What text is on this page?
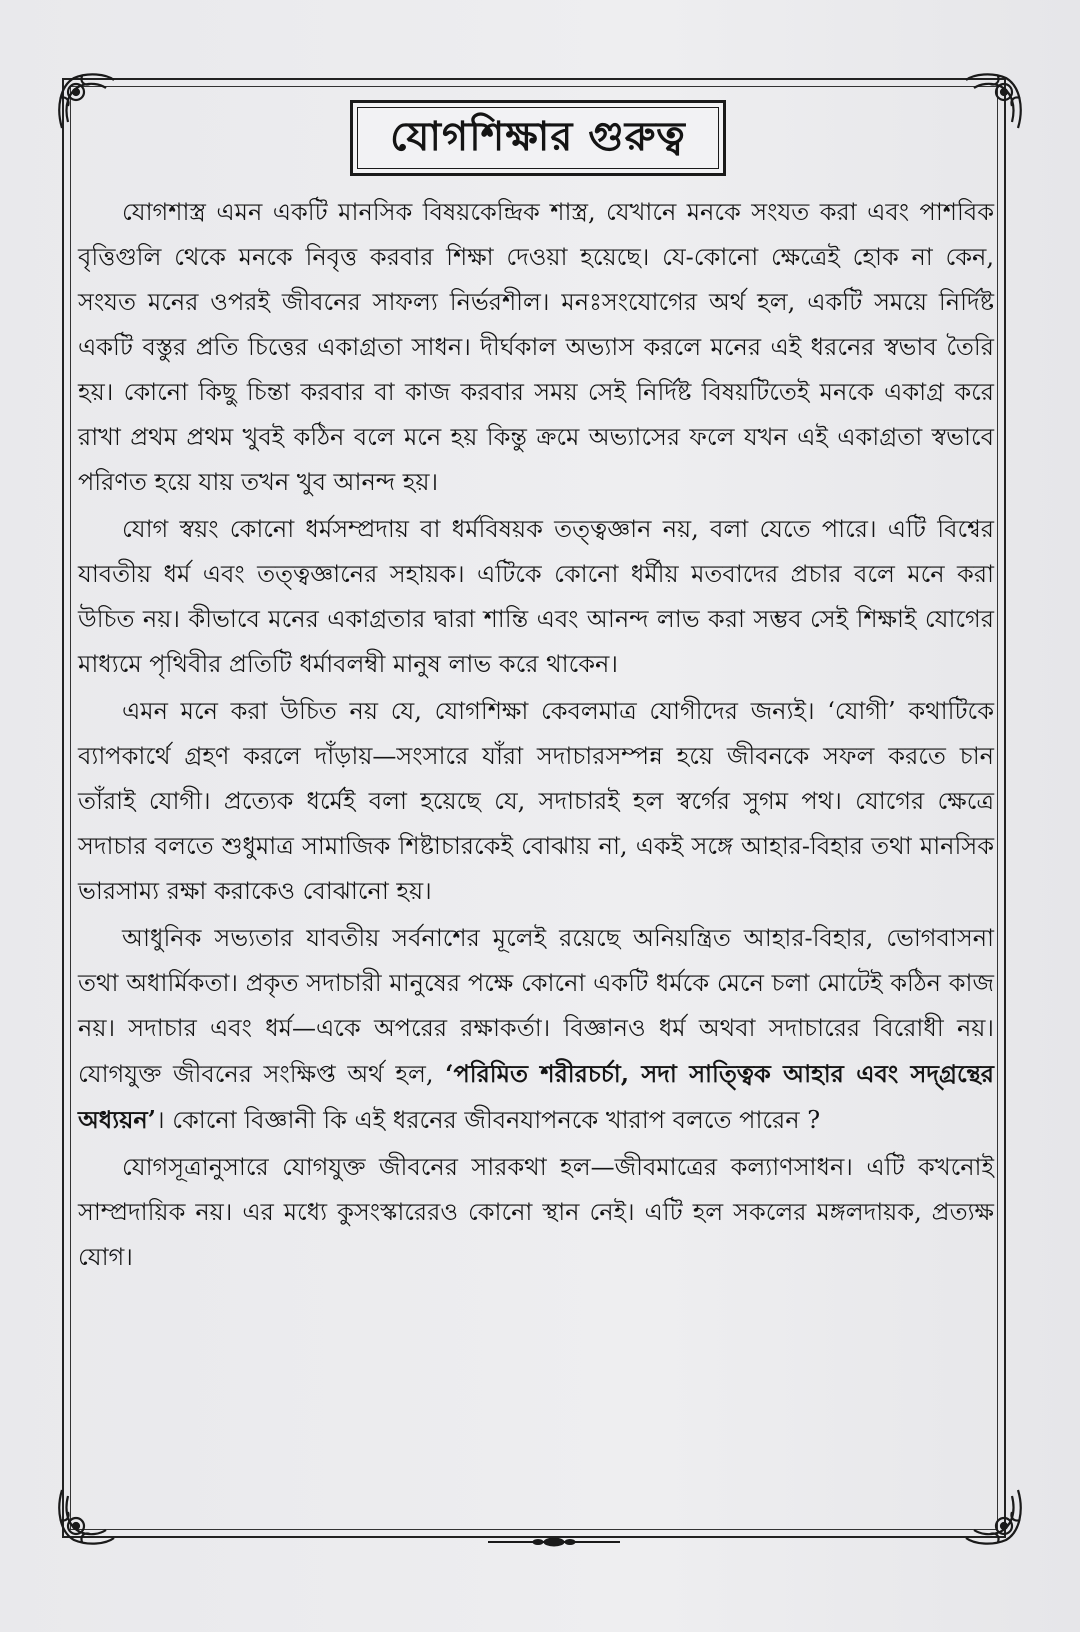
যোগশিক্ষার গুরুত্ব

যোগশাস্ত্র এমন একটি মানসিক বিষয়কেন্দ্রিক শাস্ত্র, যেখানে মনকে সংযত করা এবং পাশবিক বৃত্তিগুলি থেকে মনকে নিবৃত্ত করবার শিক্ষা দেওয়া হয়েছে। যে-কোনো ক্ষেত্রেই হোক না কেন, সংযত মনের ওপরই জীবনের সাফল্য নির্ভরশীল। মনঃসংযোগের অর্থ হল, একটি সময়ে নির্দিষ্ট একটি বস্তুর প্রতি চিত্তের একাগ্রতা সাধন। দীর্ঘকাল অভ্যাস করলে মনের এই ধরনের স্বভাব তৈরি হয়। কোনো কিছু চিন্তা করবার বা কাজ করবার সময় সেই নির্দিষ্ট বিষয়টিতেই মনকে একাগ্র করে রাখা প্রথম প্রথম খুবই কঠিন বলে মনে হয় কিন্তু ক্রমে অভ্যাসের ফলে যখন এই একাগ্রতা স্বভাবে পরিণত হয়ে যায় তখন খুব আনন্দ হয়।

যোগ স্বয়ং কোনো ধর্মসম্প্রদায় বা ধর্মবিষয়ক তত্ত্বজ্ঞান নয়, বলা যেতে পারে। এটি বিশ্বের যাবতীয় ধর্ম এবং তত্ত্বজ্ঞানের সহায়ক। এটিকে কোনো ধর্মীয় মতবাদের প্রচার বলে মনে করা উচিত নয়। কীভাবে মনের একাগ্রতার দ্বারা শান্তি এবং আনন্দ লাভ করা সম্ভব সেই শিক্ষাই যোগের মাধ্যমে পৃথিবীর প্রতিটি ধর্মাবলম্বী মানুষ লাভ করে থাকেন।

এমন মনে করা উচিত নয় যে, যোগশিক্ষা কেবলমাত্র যোগীদের জন্যই। ‘যোগী’ কথাটিকে ব্যাপকার্থে গ্রহণ করলে দাঁড়ায়—সংসারে যাঁরা সদাচারসম্পন্ন হয়ে জীবনকে সফল করতে চান তাঁরাই যোগী। প্রত্যেক ধর্মেই বলা হয়েছে যে, সদাচারই হল স্বর্গের সুগম পথ। যোগের ক্ষেত্রে সদাচার বলতে শুধুমাত্র সামাজিক শিষ্টাচারকেই বোঝায় না, একই সঙ্গে আহার-বিহার তথা মানসিক ভারসাম্য রক্ষা করাকেও বোঝানো হয়।

আধুনিক সভ্যতার যাবতীয় সর্বনাশের মূলেই রয়েছে অনিয়ন্ত্রিত আহার-বিহার, ভোগবাসনা তথা অধার্মিকতা। প্রকৃত সদাচারী মানুষের পক্ষে কোনো একটি ধর্মকে মেনে চলা মোটেই কঠিন কাজ নয়। সদাচার এবং ধর্ম—একে অপরের রক্ষাকর্তা। বিজ্ঞানও ধর্ম অথবা সদাচারের বিরোধী নয়। যোগযুক্ত জীবনের সংক্ষিপ্ত অর্থ হল, ‘পরিমিত শরীরচর্চা, সদা সাত্ত্বিক আহার এবং সদ্‌গ্রন্থের অধ্যয়ন’। কোনো বিজ্ঞানী কি এই ধরনের জীবনযাপনকে খারাপ বলতে পারেন ?

যোগসূত্রানুসারে যোগযুক্ত জীবনের সারকথা হল—জীবমাত্রের কল্যাণসাধন। এটি কখনোই সাম্প্রদায়িক নয়। এর মধ্যে কুসংস্কারেরও কোনো স্থান নেই। এটি হল সকলের মঙ্গলদায়ক, প্রত্যক্ষ যোগ।
